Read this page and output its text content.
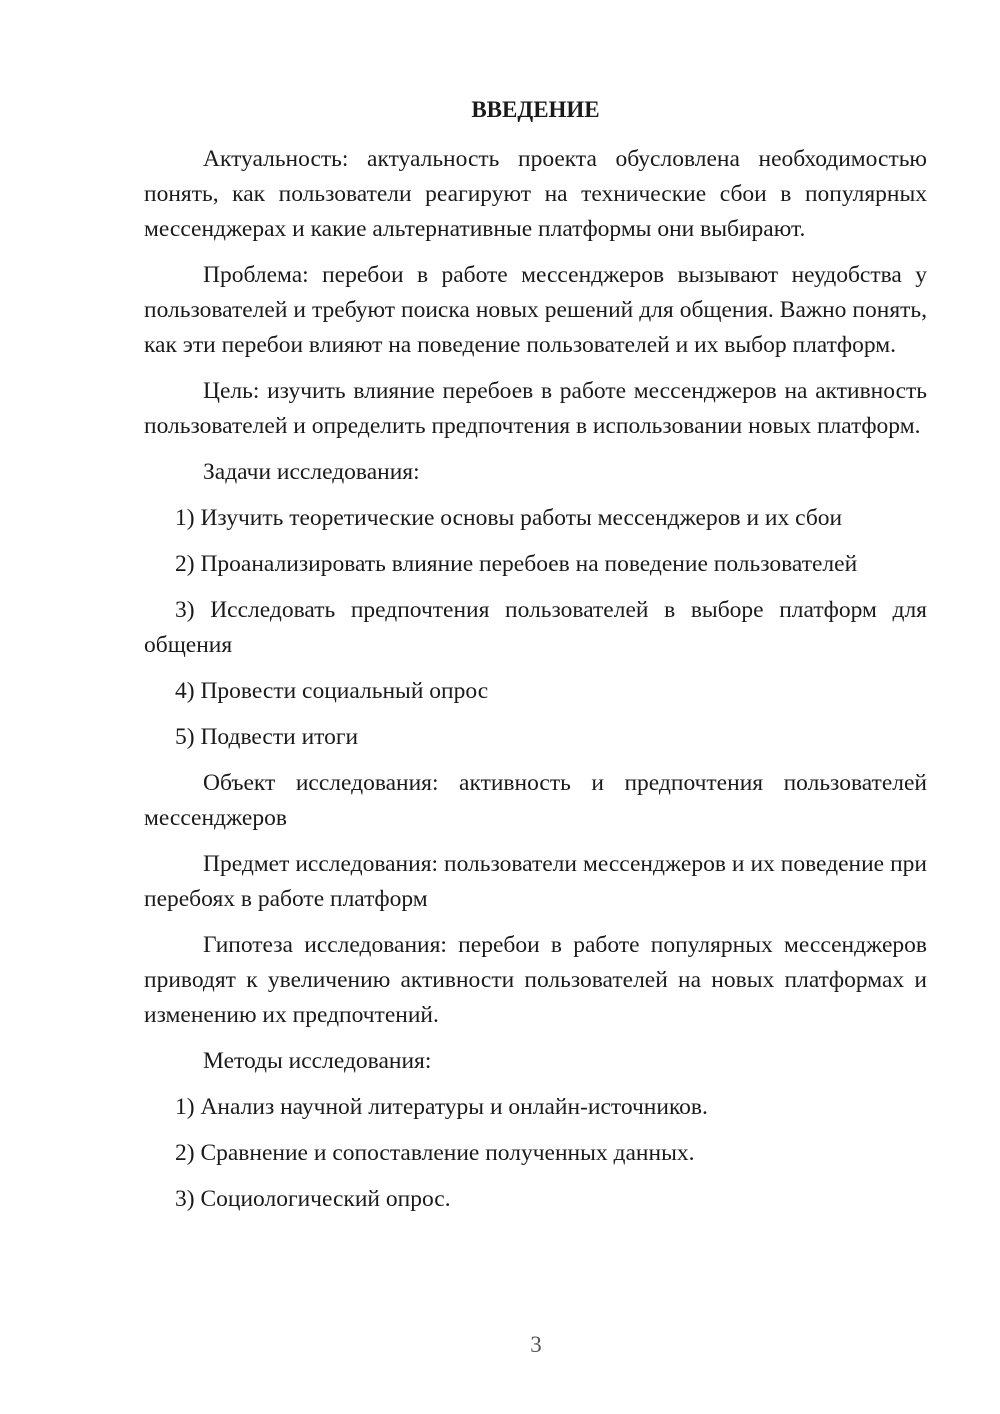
ВВЕДЕНИЕ

Актуальность: актуальность проекта обусловлена необходимостью понять, как пользователи реагируют на технические сбои в популярных мессенджерах и какие альтернативные платформы они выбирают.

Проблема: перебои в работе мессенджеров вызывают неудобства у пользователей и требуют поиска новых решений для общения. Важно понять, как эти перебои влияют на поведение пользователей и их выбор платформ.

Цель: изучить влияние перебоев в работе мессенджеров на активность пользователей и определить предпочтения в использовании новых платформ.

Задачи исследования:

1) Изучить теоретические основы работы мессенджеров и их сбои

2) Проанализировать влияние перебоев на поведение пользователей

3) Исследовать предпочтения пользователей в выборе платформ для общения

4) Провести социальный опрос

5) Подвести итоги

Объект исследования: активность и предпочтения пользователей мессенджеров

Предмет исследования: пользователи мессенджеров и их поведение при перебоях в работе платформ

Гипотеза исследования: перебои в работе популярных мессенджеров приводят к увеличению активности пользователей на новых платформах и изменению их предпочтений.

Методы исследования:

1) Анализ научной литературы и онлайн-источников.

2) Сравнение и сопоставление полученных данных.

3) Социологический опрос.

3
